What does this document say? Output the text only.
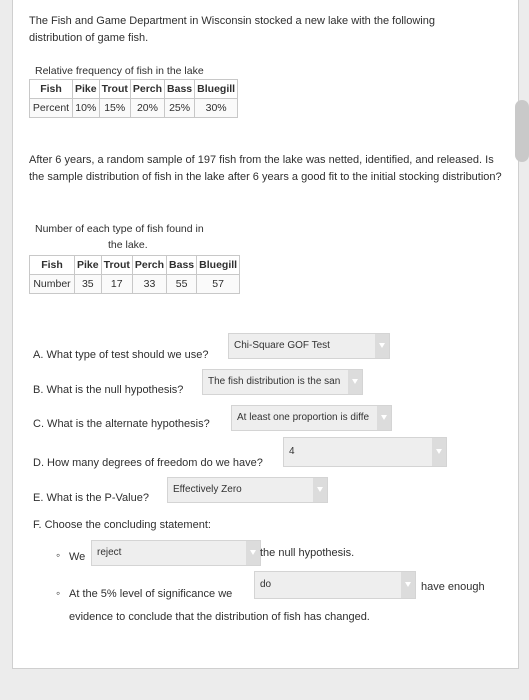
The Fish and Game Department in Wisconsin stocked a new lake with the following distribution of game fish.
Relative frequency of fish in the lake
Fish	Pike	Trout	Perch	Bass	Bluegill
Percent	10%	15%	20%	25%	30%
After 6 years, a random sample of 197 fish from the lake was netted, identified, and released. Is the sample distribution of fish in the lake after 6 years a good fit to the initial stocking distribution?
Number of each type of fish found in
the lake.
Fish	Pike	Trout	Perch	Bass	Bluegill
Number	35	17	33	55	57
A. What type of test should we use?
Chi-Square GOF Test
B. What is the null hypothesis?
The fish distribution is the san
C. What is the alternate hypothesis?
At least one proportion is diffe
D. How many degrees of freedom do we have?
4
E. What is the P-Value?
Effectively Zero
F. Choose the concluding statement:
◦ We	reject	the null hypothesis.
◦ At the 5% level of significance we
do	have enough
evidence to conclude that the distribution of fish has changed.
